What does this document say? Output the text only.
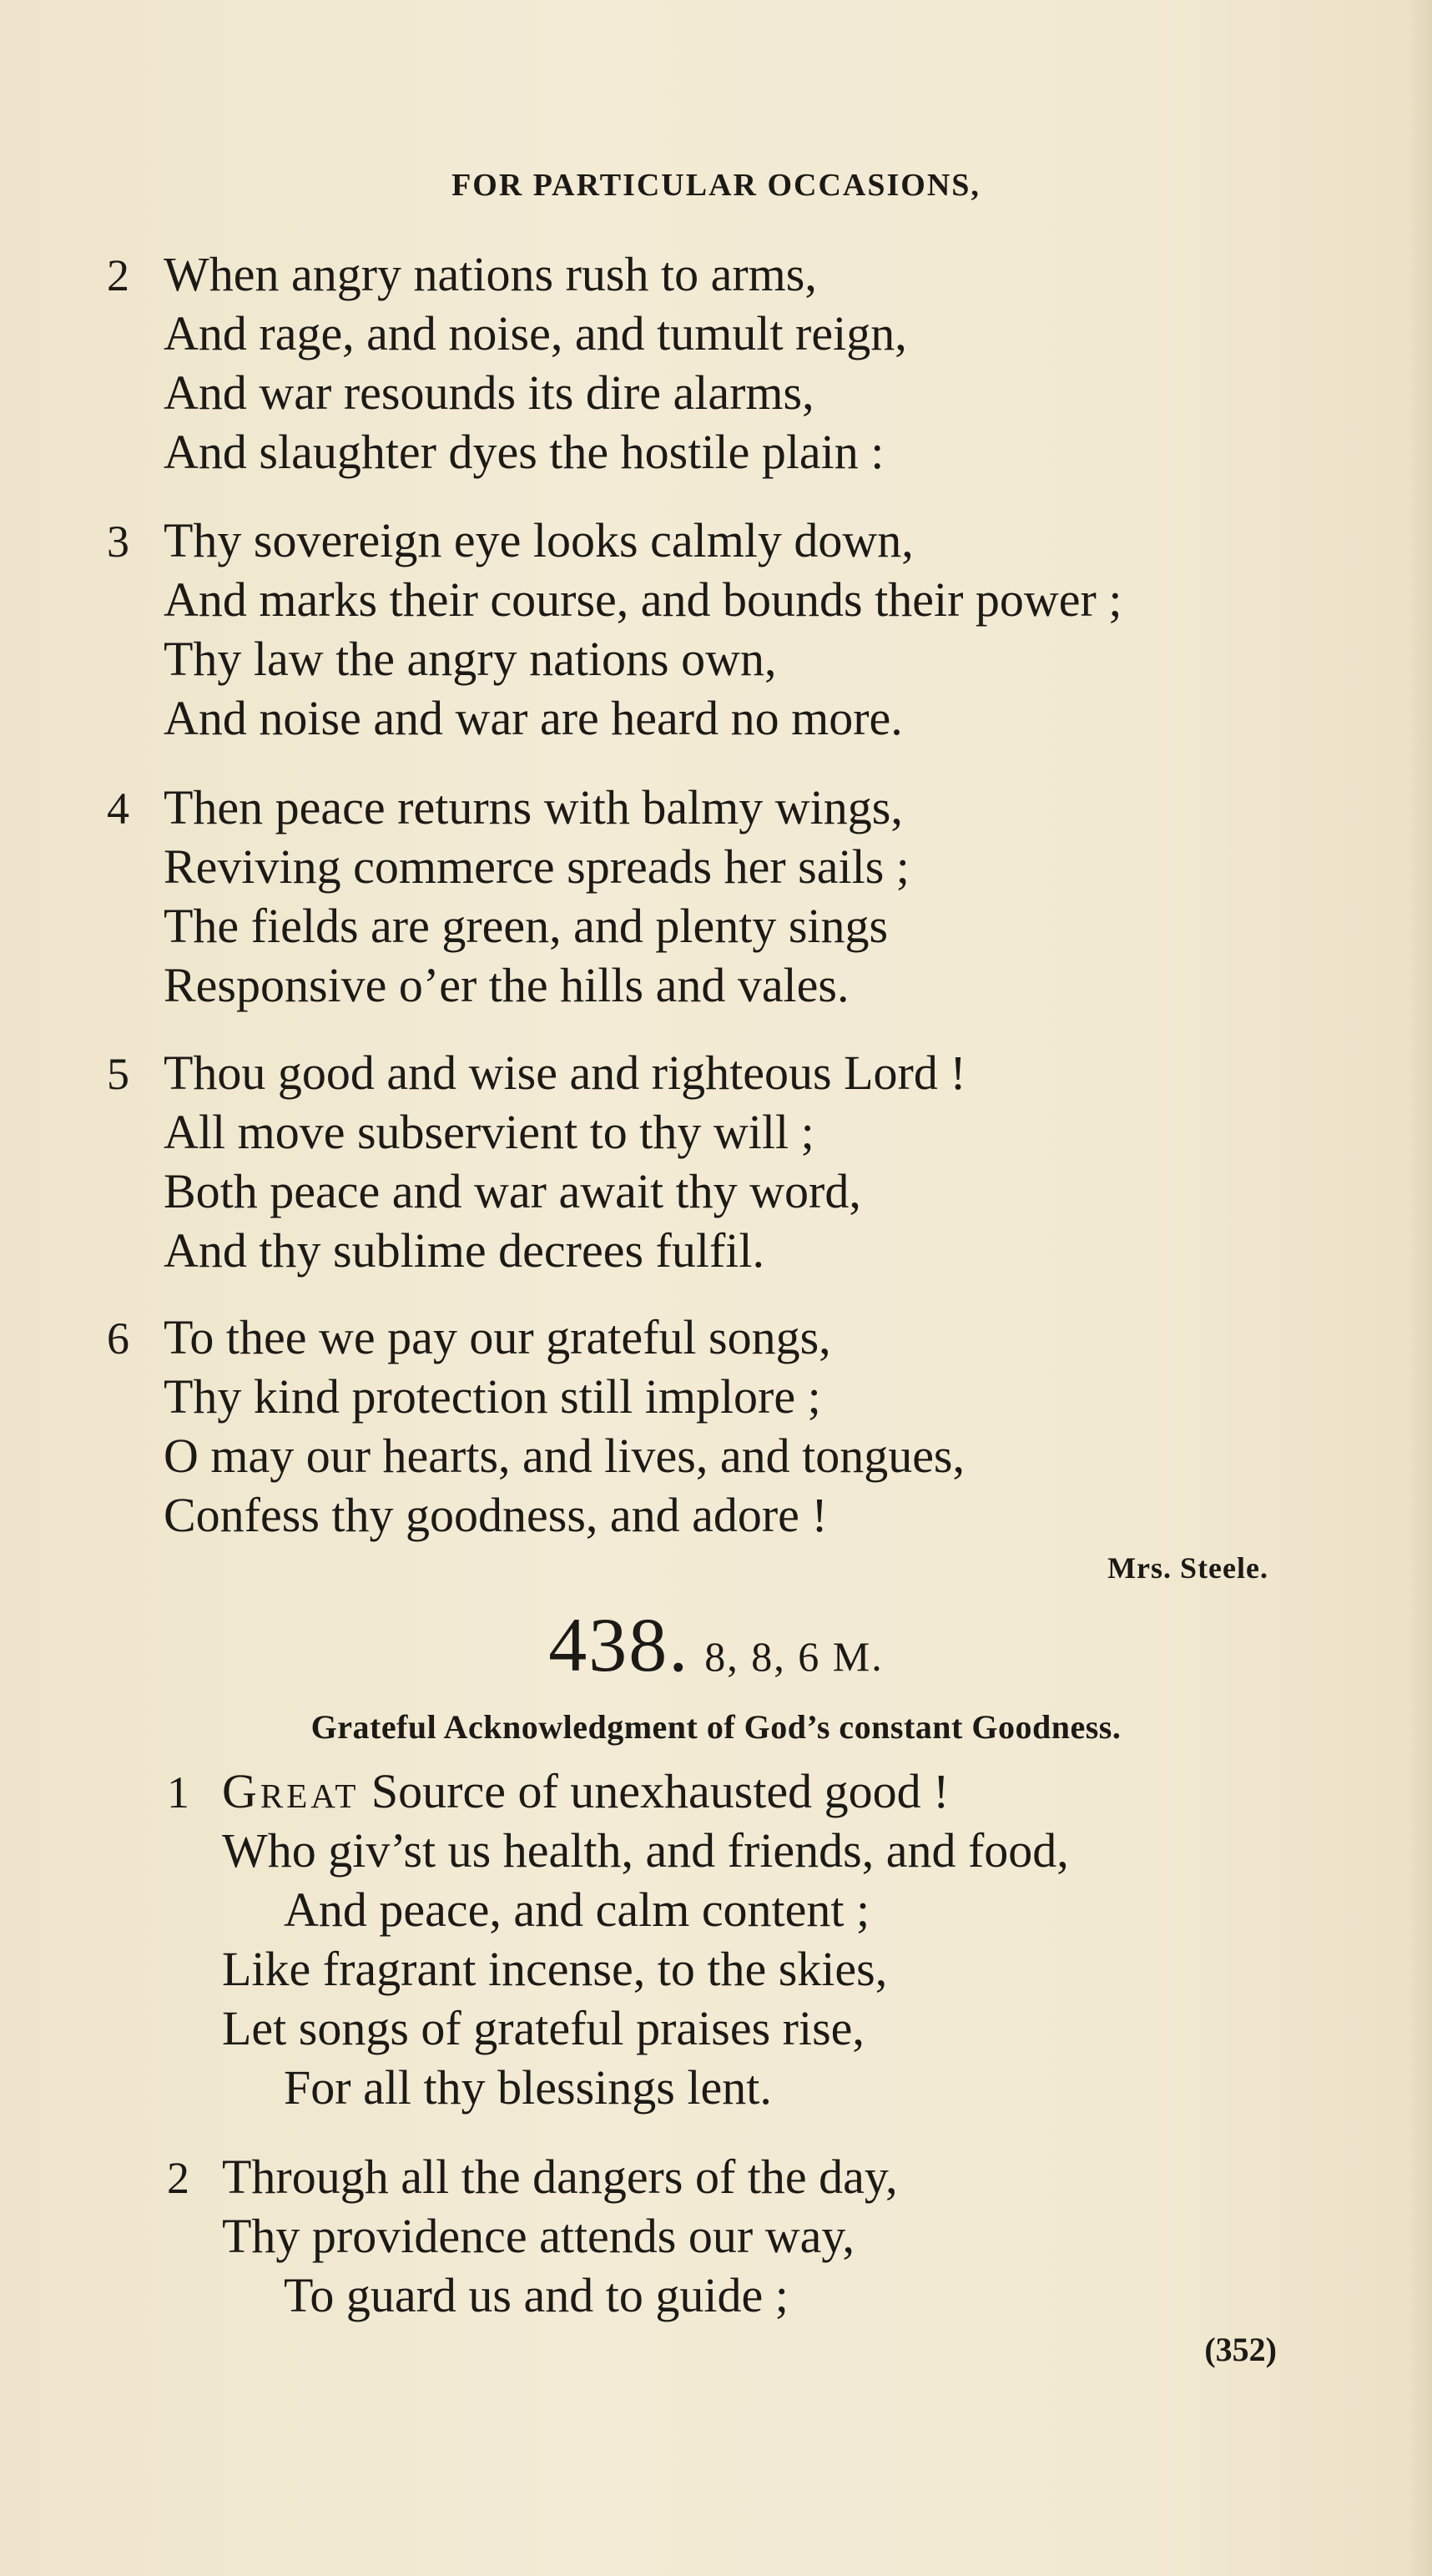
FOR PARTICULAR OCCASIONS,
2 When angry nations rush to arms,
And rage, and noise, and tumult reign,
And war resounds its dire alarms,
And slaughter dyes the hostile plain :
3 Thy sovereign eye looks calmly down,
And marks their course, and bounds their power ;
Thy law the angry nations own,
And noise and war are heard no more.
4 Then peace returns with balmy wings,
Reviving commerce spreads her sails ;
The fields are green, and plenty sings
Responsive o’er the hills and vales.
5 Thou good and wise and righteous Lord !
All move subservient to thy will ;
Both peace and war await thy word,
And thy sublime decrees fulfil.
6 To thee we pay our grateful songs,
Thy kind protection still implore ;
O may our hearts, and lives, and tongues,
Confess thy goodness, and adore !
Mrs. Steele.
438. 8, 8, 6 M.
Grateful Acknowledgment of God’s constant Goodness.
1 Great Source of unexhausted good !
Who giv’st us health, and friends, and food,
And peace, and calm content ;
Like fragrant incense, to the skies,
Let songs of grateful praises rise,
For all thy blessings lent.
2 Through all the dangers of the day,
Thy providence attends our way,
To guard us and to guide ;
(352)
